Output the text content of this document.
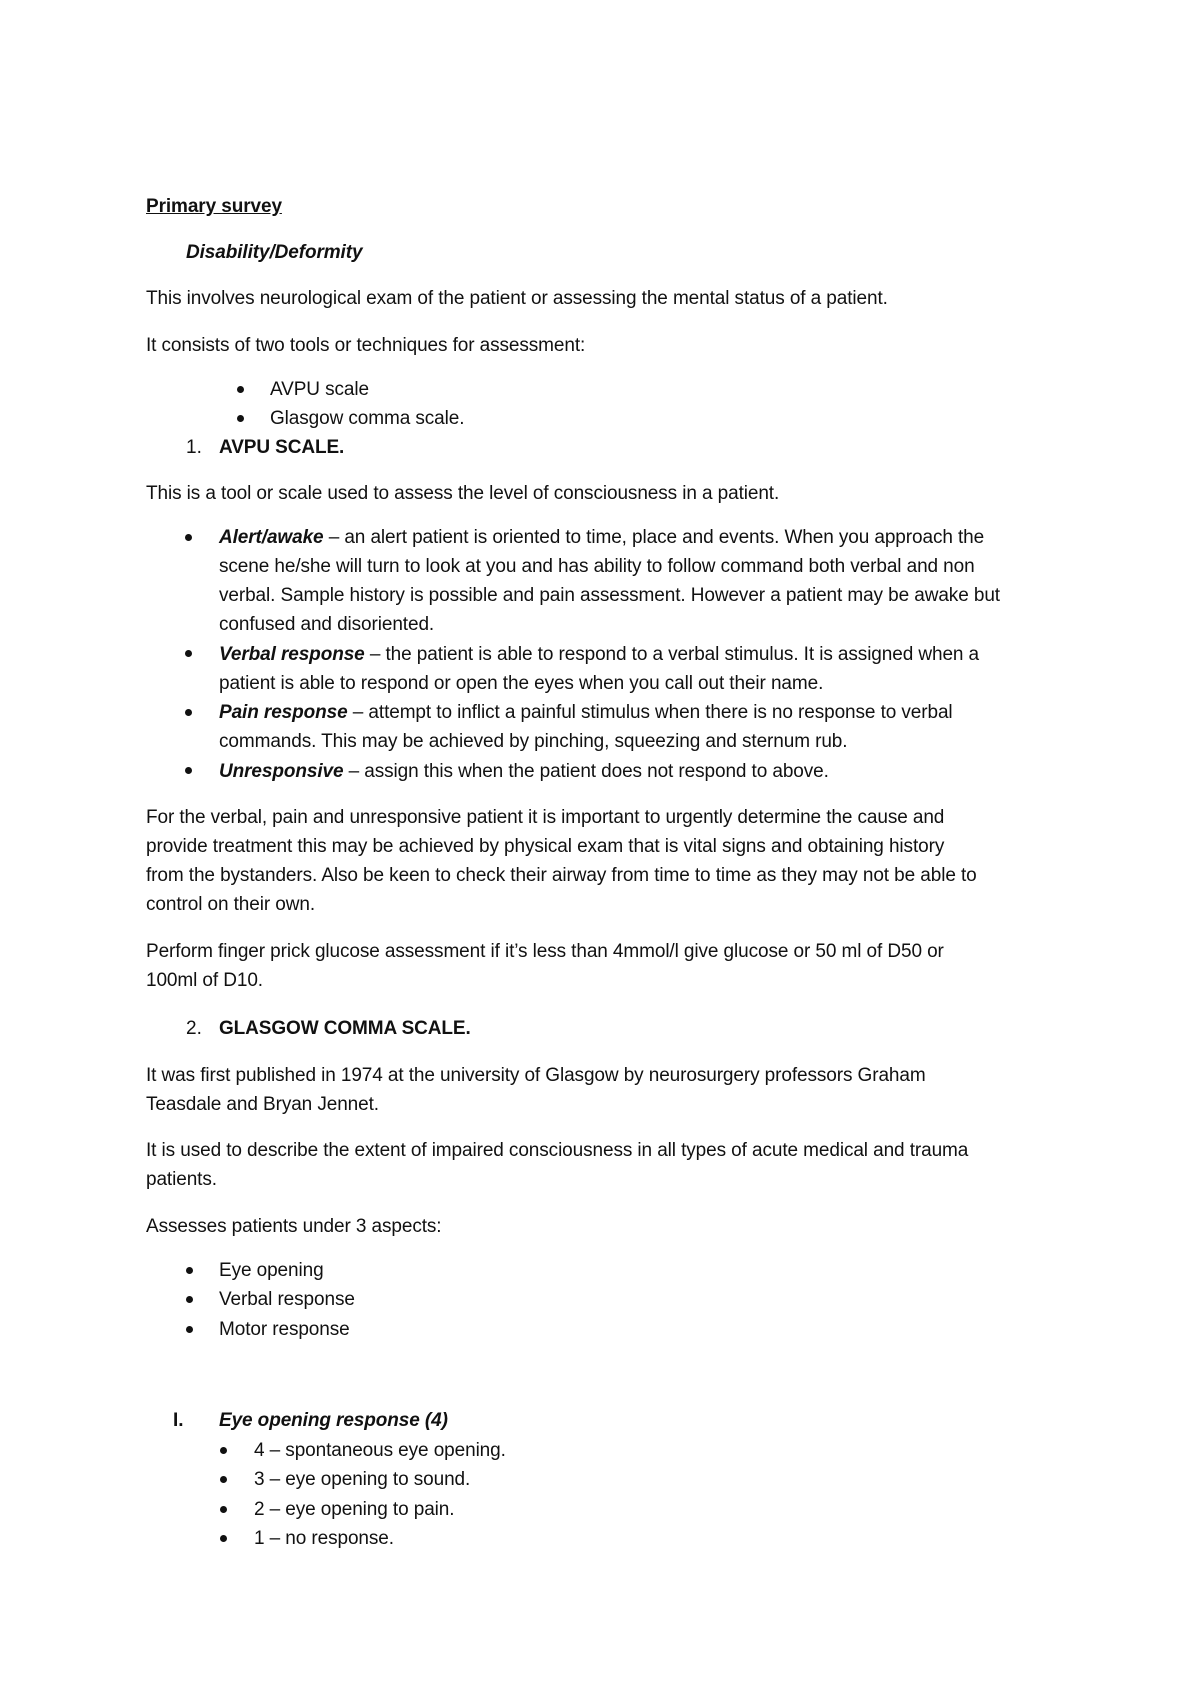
Primary survey
Disability/Deformity
This involves neurological exam of the patient or assessing the mental status of a patient.
It consists of two tools or techniques for assessment:
AVPU scale
Glasgow comma scale.
1. AVPU SCALE.
This is a tool or scale used to assess the level of consciousness in a patient.
Alert/awake – an alert patient is oriented to time, place and events. When you approach the
scene he/she will turn to look at you and has ability to follow command both verbal and non
verbal. Sample history is possible and pain assessment. However a patient may be awake but
confused and disoriented.
Verbal response – the patient is able to respond to a verbal stimulus. It is assigned when a
patient is able to respond or open the eyes when you call out their name.
Pain response – attempt to inflict a painful stimulus when there is no response to verbal
commands. This may be achieved by pinching, squeezing and sternum rub.
Unresponsive – assign this when the patient does not respond to above.
For the verbal, pain and unresponsive patient it is important to urgently determine the cause and
provide treatment this may be achieved by physical exam that is vital signs and obtaining history
from the bystanders. Also be keen to check their airway from time to time as they may not be able to
control on their own.
Perform finger prick glucose assessment if it’s less than 4mmol/l give glucose or 50 ml of D50 or
100ml of D10.
2. GLASGOW COMMA SCALE.
It was first published in 1974 at the university of Glasgow by neurosurgery professors Graham
Teasdale and Bryan Jennet.
It is used to describe the extent of impaired consciousness in all types of acute medical and trauma
patients.
Assesses patients under 3 aspects:
Eye opening
Verbal response
Motor response
I. Eye opening response (4)
4 – spontaneous eye opening.
3 – eye opening to sound.
2 – eye opening to pain.
1 – no response.
